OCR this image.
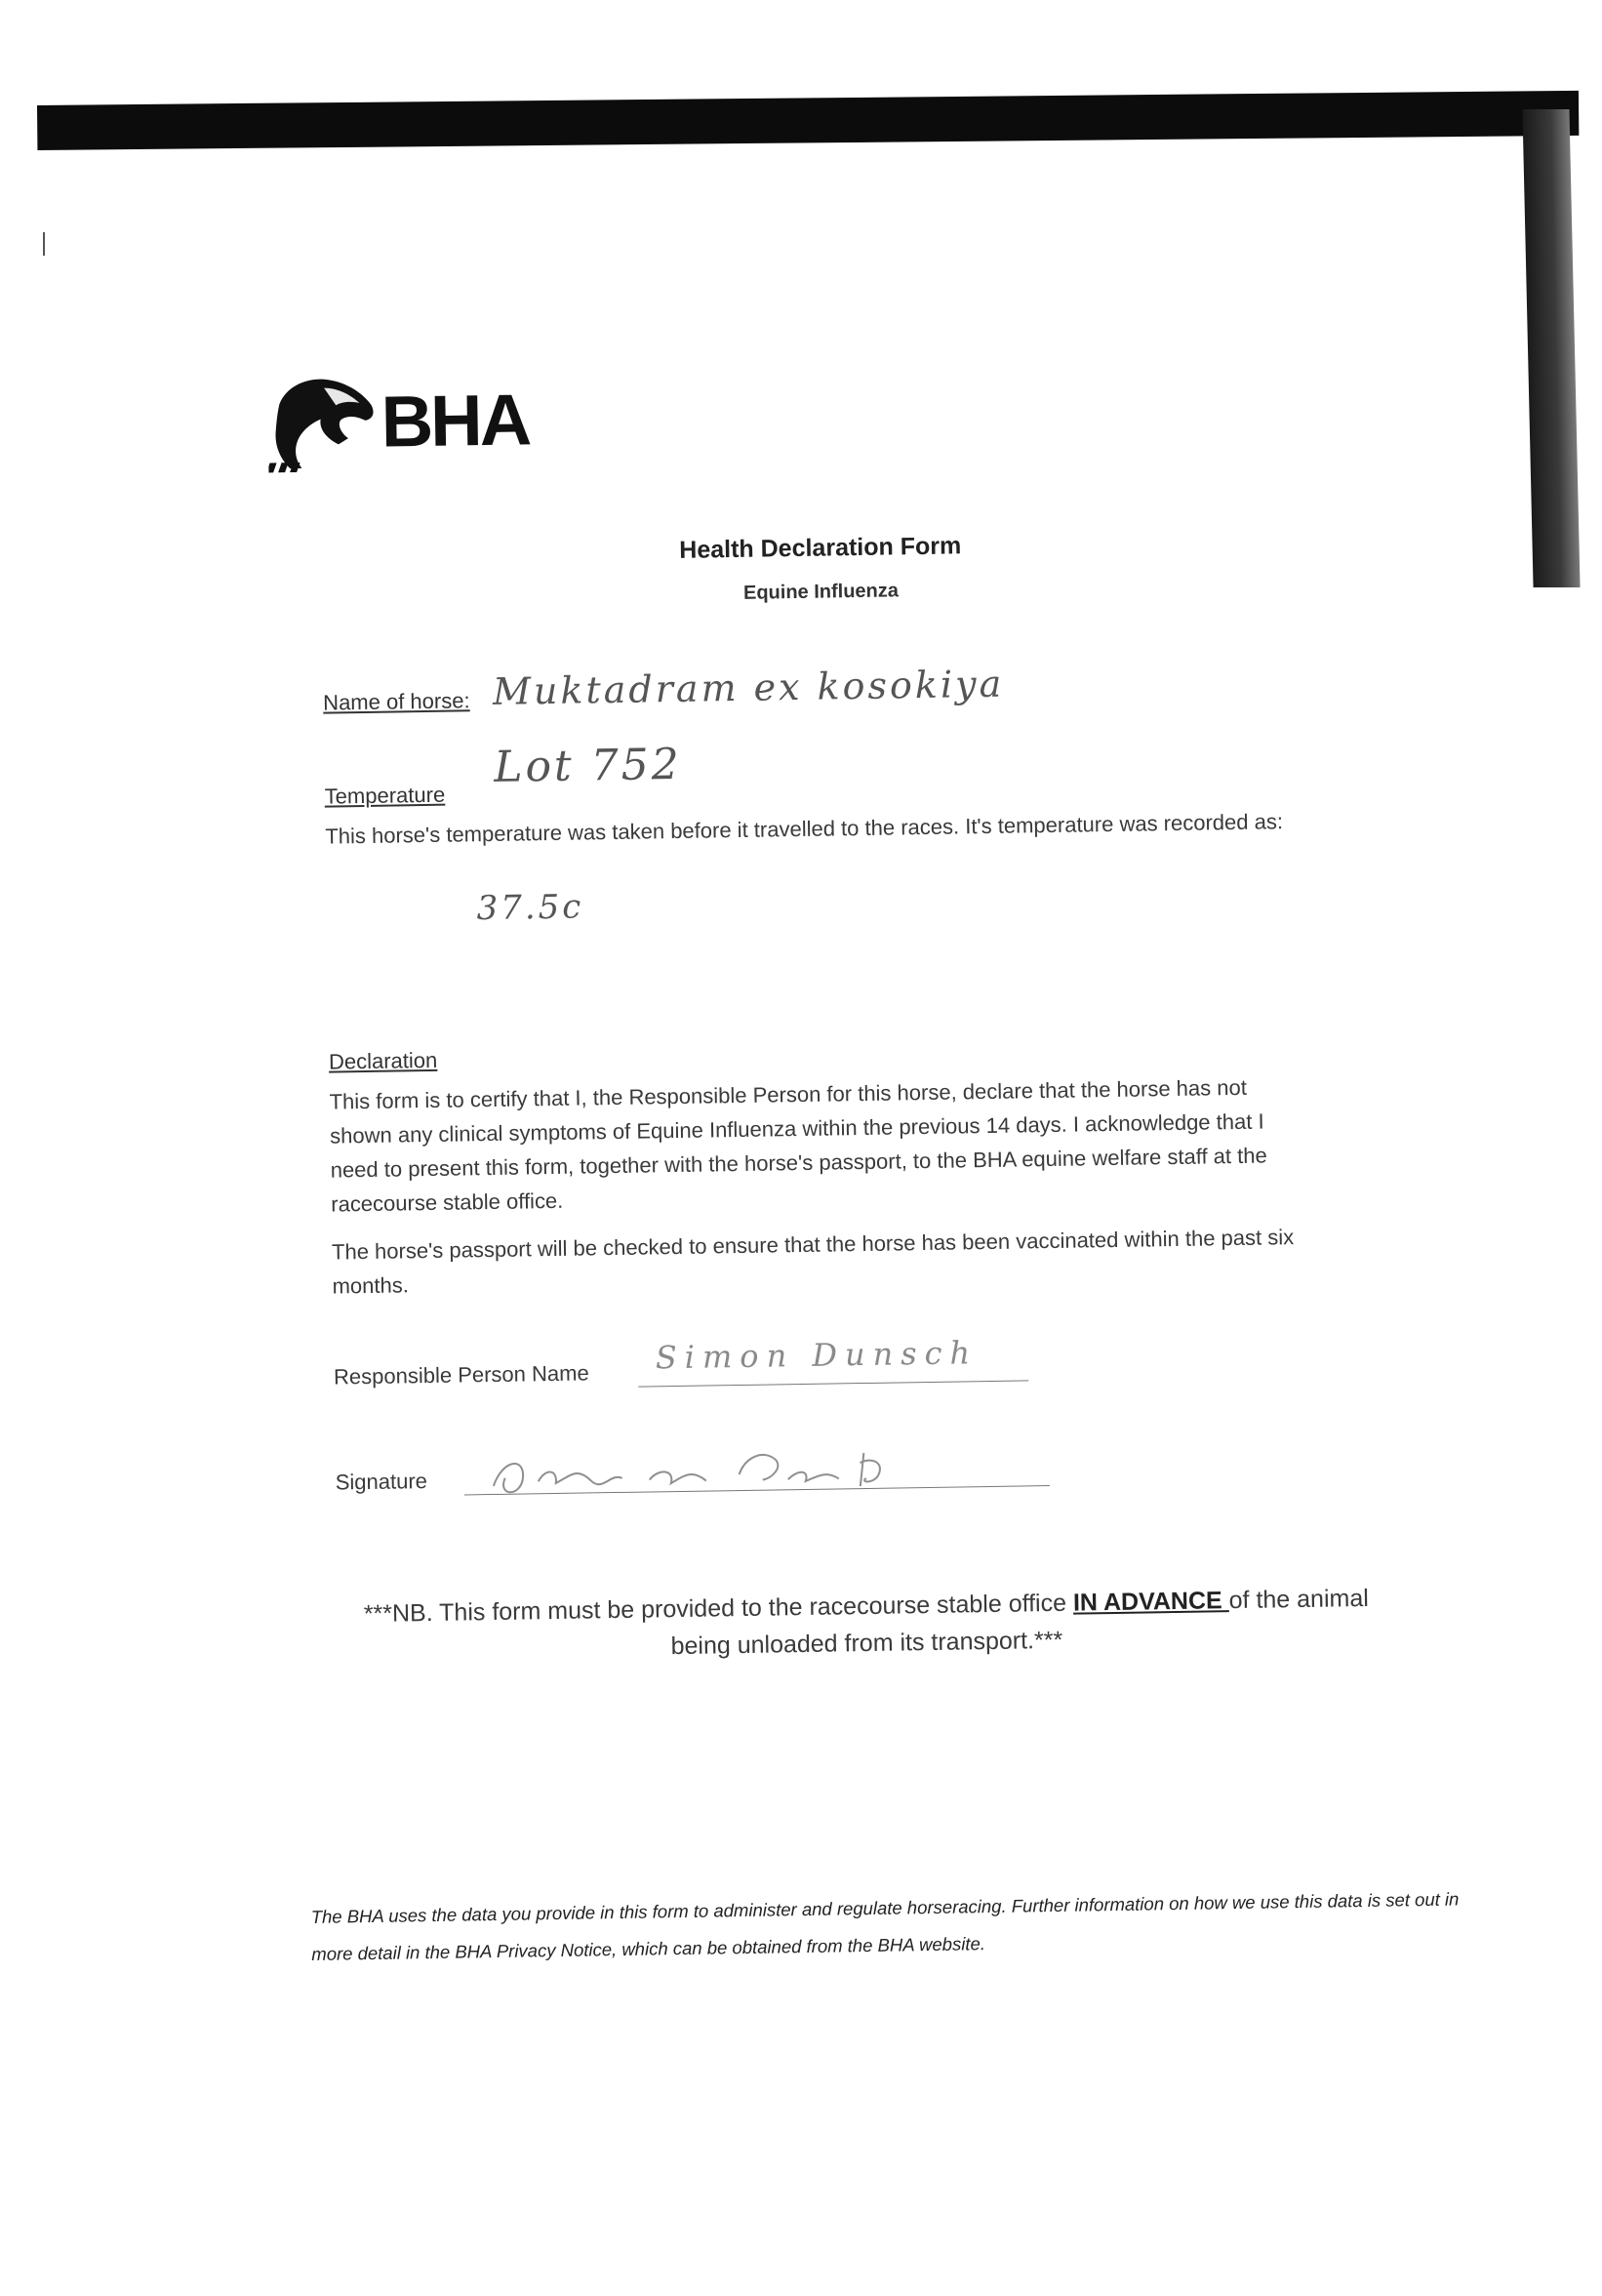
BHA
Health Declaration Form
Equine Influenza
Name of horse: Muktadram ex kosokiya
Lot 752
Temperature
This horse's temperature was taken before it travelled to the races. It's temperature was recorded as:
37.5c
Declaration
This form is to certify that I, the Responsible Person for this horse, declare that the horse has not shown any clinical symptoms of Equine Influenza within the previous 14 days. I acknowledge that I need to present this form, together with the horse's passport, to the BHA equine welfare staff at the racecourse stable office.
The horse's passport will be checked to ensure that the horse has been vaccinated within the past six months.
Responsible Person Name Simon Dunsch
Signature
***NB. This form must be provided to the racecourse stable office IN ADVANCE of the animal being unloaded from its transport.***
The BHA uses the data you provide in this form to administer and regulate horseracing. Further information on how we use this data is set out in more detail in the BHA Privacy Notice, which can be obtained from the BHA website.
